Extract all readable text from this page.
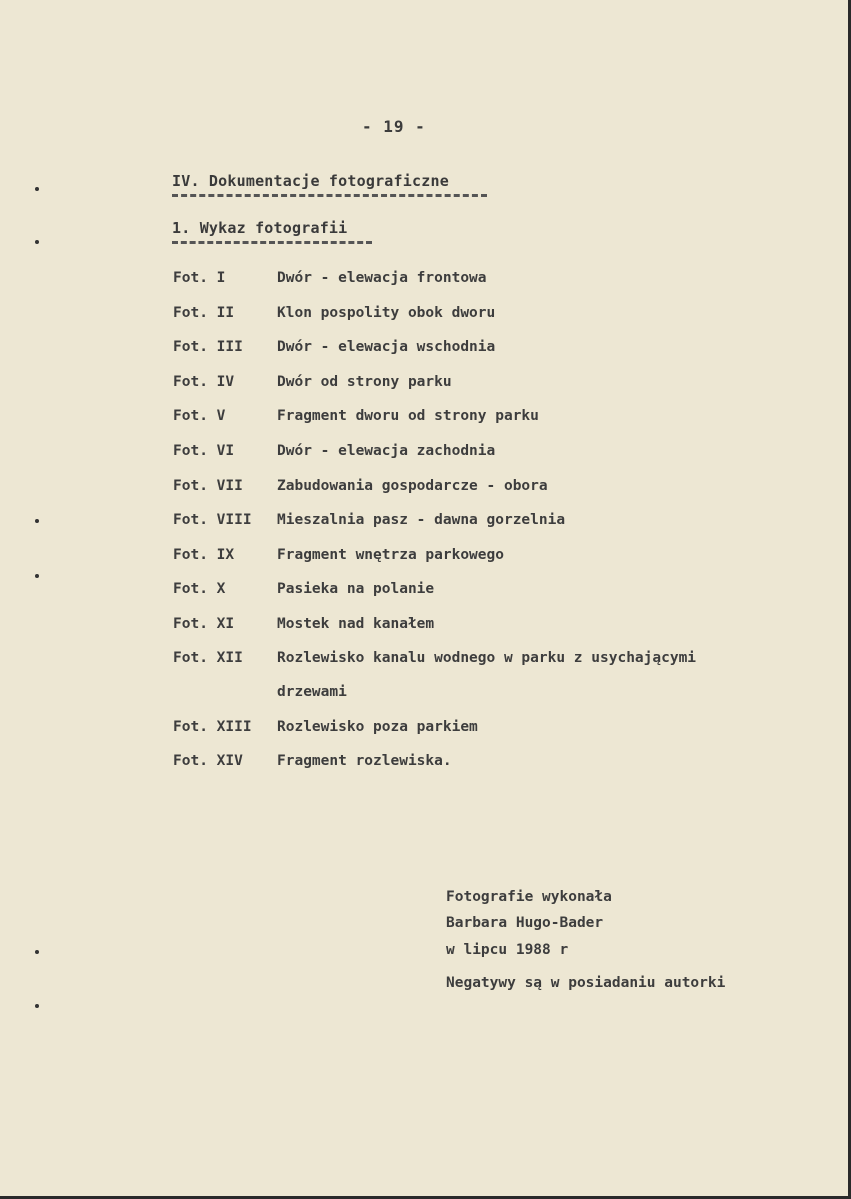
- 19 -
IV. Dokumentacje fotograficzne
1. Wykaz fotografii
Fot. I	Dwór - elewacja frontowa
Fot. II	Klon pospolity obok dworu
Fot. III Dwór - elewacja wschodnia
Fot. IV	Dwór od strony parku
Fot. V	Fragment dworu od strony parku
Fot. VI	Dwór - elewacja zachodnia
Fot. VII Zabudowania gospodarcze - obora
Fot. VIII Mieszalnia pasz - dawna gorzelnia
Fot. IX	Fragment wnętrza parkowego
Fot. X	Pasieka na polanie
Fot. XI	Mostek nad kanałem
Fot. XII Rozlewisko kanalu wodnego w parku z usychającymi
drzewami
Fot. XIII Rozlewisko poza parkiem
Fot. XIV Fragment rozlewiska.
Fotografie wykonała
Barbara Hugo-Bader
w lipcu 1988 r
Negatywy są w posiadaniu autorki
